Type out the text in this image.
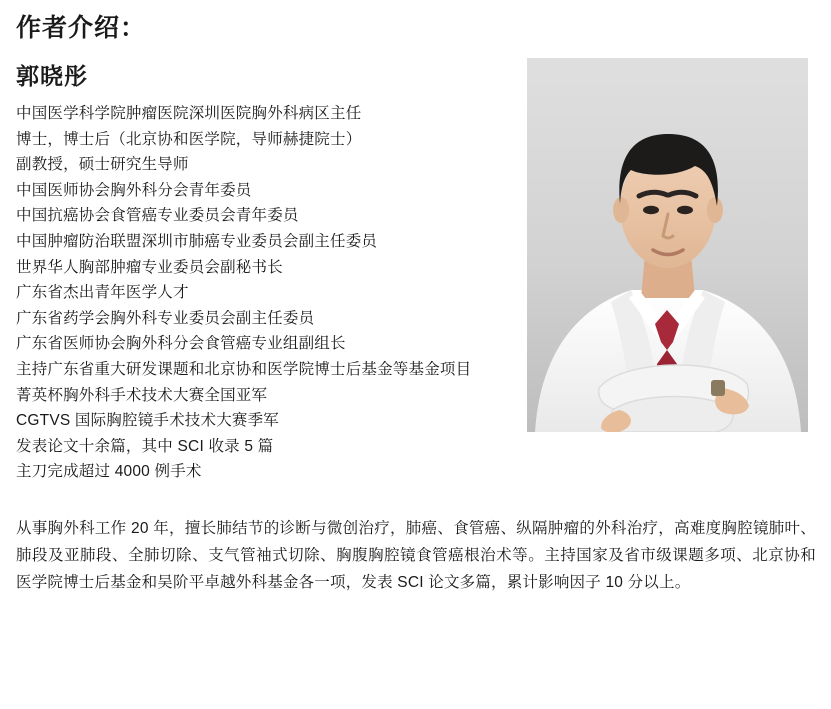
作者介绍：
郭晓彤
中国医学科学院肿瘤医院深圳医院胸外科病区主任
博士，博士后（北京协和医学院，导师赫捷院士）
副教授，硕士研究生导师
中国医师协会胸外科分会青年委员
中国抗癌协会食管癌专业委员会青年委员
中国肿瘤防治联盟深圳市肺癌专业委员会副主任委员
世界华人胸部肿瘤专业委员会副秘书长
广东省杰出青年医学人才
广东省药学会胸外科专业委员会副主任委员
广东省医师协会胸外科分会食管癌专业组副组长
主持广东省重大研发课题和北京协和医学院博士后基金等基金项目
菁英杯胸外科手术技术大赛全国亚军
CGTVS 国际胸腔镜手术技术大赛季军
发表论文十余篇，其中 SCI 收录 5 篇
主刀完成超过 4000 例手术

从事胸外科工作 20 年，擅长肺结节的诊断与微创治疗，肺癌、食管癌、纵隔肿瘤的外科治疗，高难度胸腔镜肺叶、肺段及亚肺段、全肺切除、支气管袖式切除、胸腹胸腔镜食管癌根治术等。主持国家及省市级课题多项、北京协和医学院博士后基金和吴阶平卓越外科基金各一项，发表 SCI 论文多篇，累计影响因子 10 分以上。
